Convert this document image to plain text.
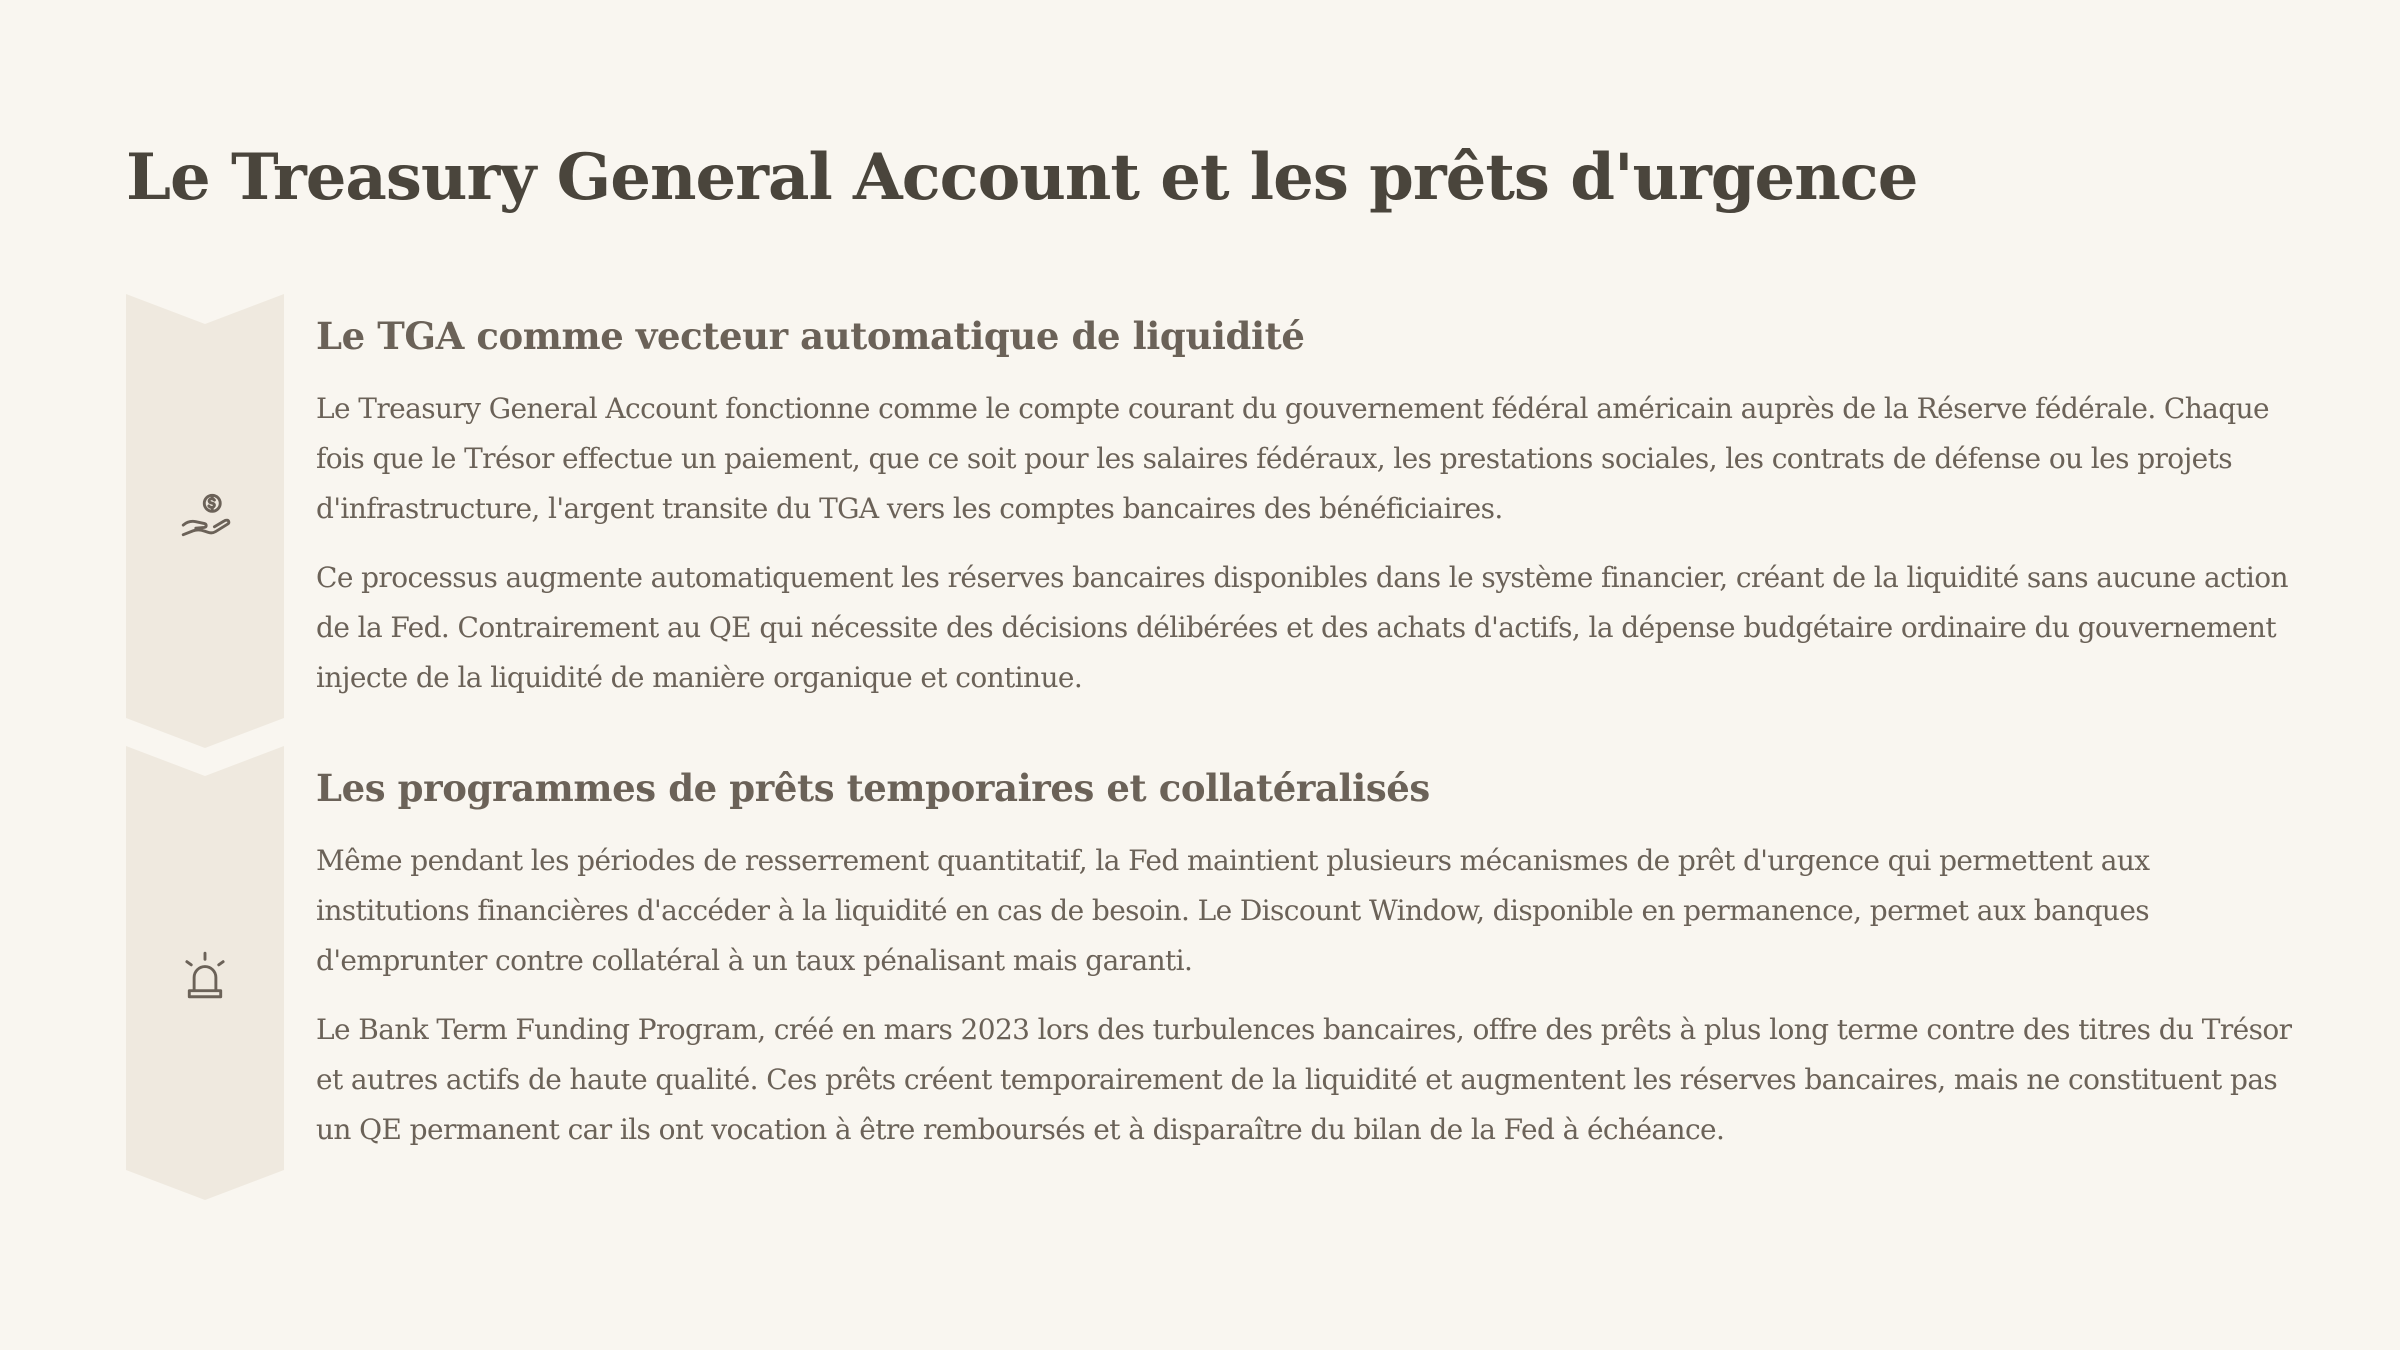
Le Treasury General Account et les prêts d'urgence
Le TGA comme vecteur automatique de liquidité

Le Treasury General Account fonctionne comme le compte courant du gouvernement fédéral américain auprès de la Réserve fédérale. Chaque fois que le Trésor effectue un paiement, que ce soit pour les salaires fédéraux, les prestations sociales, les contrats de défense ou les projets d'infrastructure, l'argent transite du TGA vers les comptes bancaires des bénéficiaires.

Ce processus augmente automatiquement les réserves bancaires disponibles dans le système financier, créant de la liquidité sans aucune action de la Fed. Contrairement au QE qui nécessite des décisions délibérées et des achats d'actifs, la dépense budgétaire ordinaire du gouvernement injecte de la liquidité de manière organique et continue.

Les programmes de prêts temporaires et collatéralisés

Même pendant les périodes de resserrement quantitatif, la Fed maintient plusieurs mécanismes de prêt d'urgence qui permettent aux institutions financières d'accéder à la liquidité en cas de besoin. Le Discount Window, disponible en permanence, permet aux banques d'emprunter contre collatéral à un taux pénalisant mais garanti.

Le Bank Term Funding Program, créé en mars 2023 lors des turbulences bancaires, offre des prêts à plus long terme contre des titres du Trésor et autres actifs de haute qualité. Ces prêts créent temporairement de la liquidité et augmentent les réserves bancaires, mais ne constituent pas un QE permanent car ils ont vocation à être remboursés et à disparaître du bilan de la Fed à échéance.
